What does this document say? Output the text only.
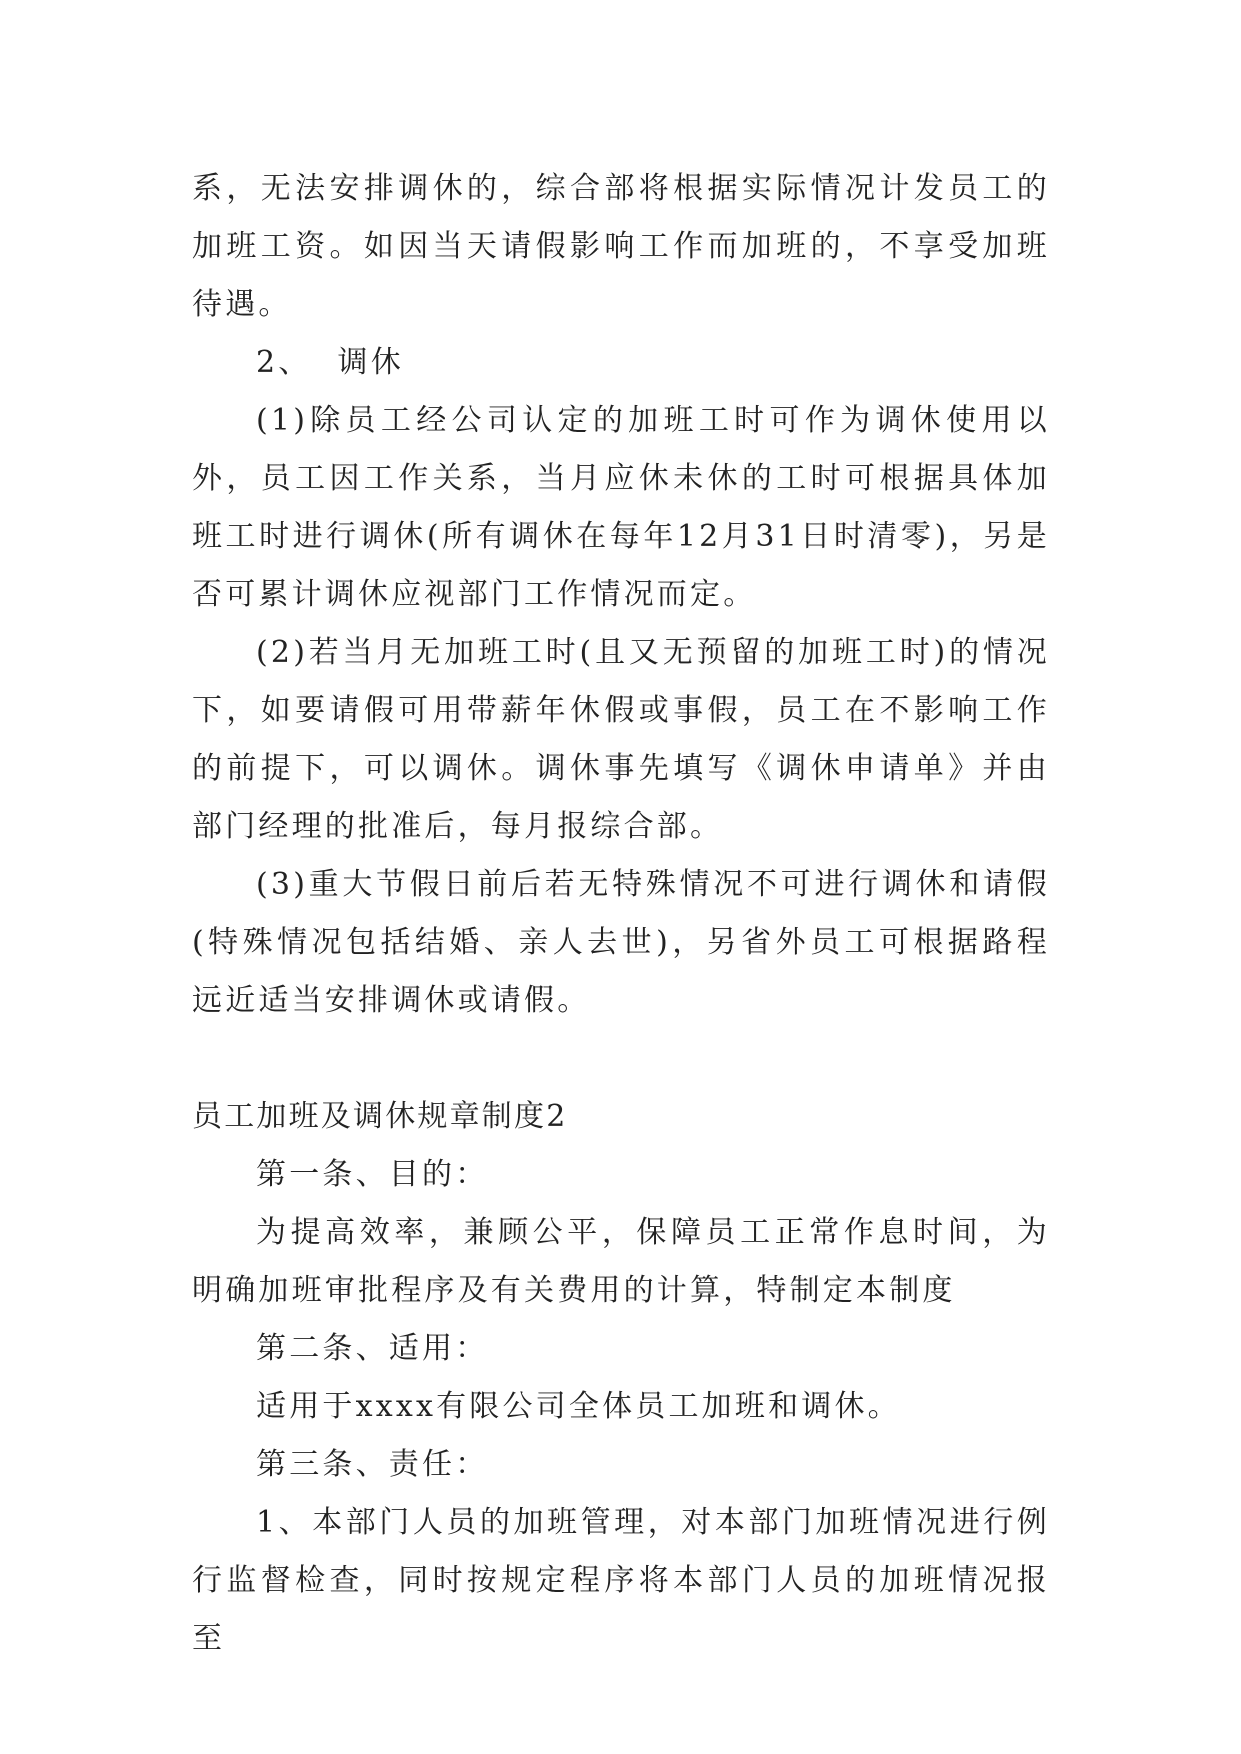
系，无法安排调休的，综合部将根据实际情况计发员工的加班工资。如因当天请假影响工作而加班的，不享受加班待遇。

2、 调休

(1)除员工经公司认定的加班工时可作为调休使用以外，员工因工作关系，当月应休未休的工时可根据具体加班工时进行调休(所有调休在每年12月31日时清零)，另是否可累计调休应视部门工作情况而定。

(2)若当月无加班工时(且又无预留的加班工时)的情况下，如要请假可用带薪年休假或事假，员工在不影响工作的前提下，可以调休。调休事先填写《调休申请单》并由部门经理的批准后，每月报综合部。

(3)重大节假日前后若无特殊情况不可进行调休和请假(特殊情况包括结婚、亲人去世)，另省外员工可根据路程远近适当安排调休或请假。

员工加班及调休规章制度2

第一条、目的：

为提高效率，兼顾公平，保障员工正常作息时间，为明确加班审批程序及有关费用的计算，特制定本制度

第二条、适用：

适用于xxxx有限公司全体员工加班和调休。

第三条、责任：

1、本部门人员的加班管理，对本部门加班情况进行例行监督检查，同时按规定程序将本部门人员的加班情况报至
